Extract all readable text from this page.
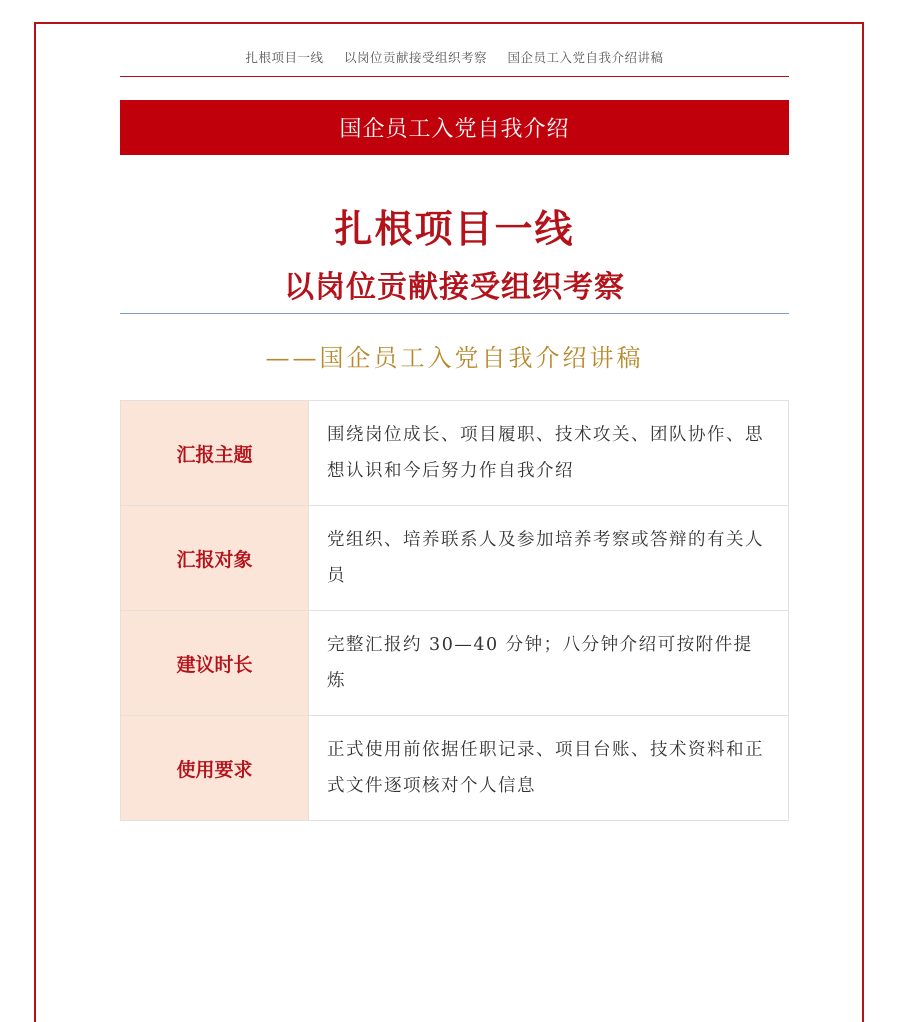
扎根项目一线 以岗位贡献接受组织考察 国企员工入党自我介绍讲稿
国企员工入党自我介绍
扎根项目一线
以岗位贡献接受组织考察
——国企员工入党自我介绍讲稿
汇报主题	围绕岗位成长、项目履职、技术攻关、团队协作、思想认识和今后努力作自我介绍
汇报对象	党组织、培养联系人及参加培养考察或答辩的有关人员
建议时长	完整汇报约 30—40 分钟；八分钟介绍可按附件提炼
使用要求	正式使用前依据任职记录、项目台账、技术资料和正式文件逐项核对个人信息
